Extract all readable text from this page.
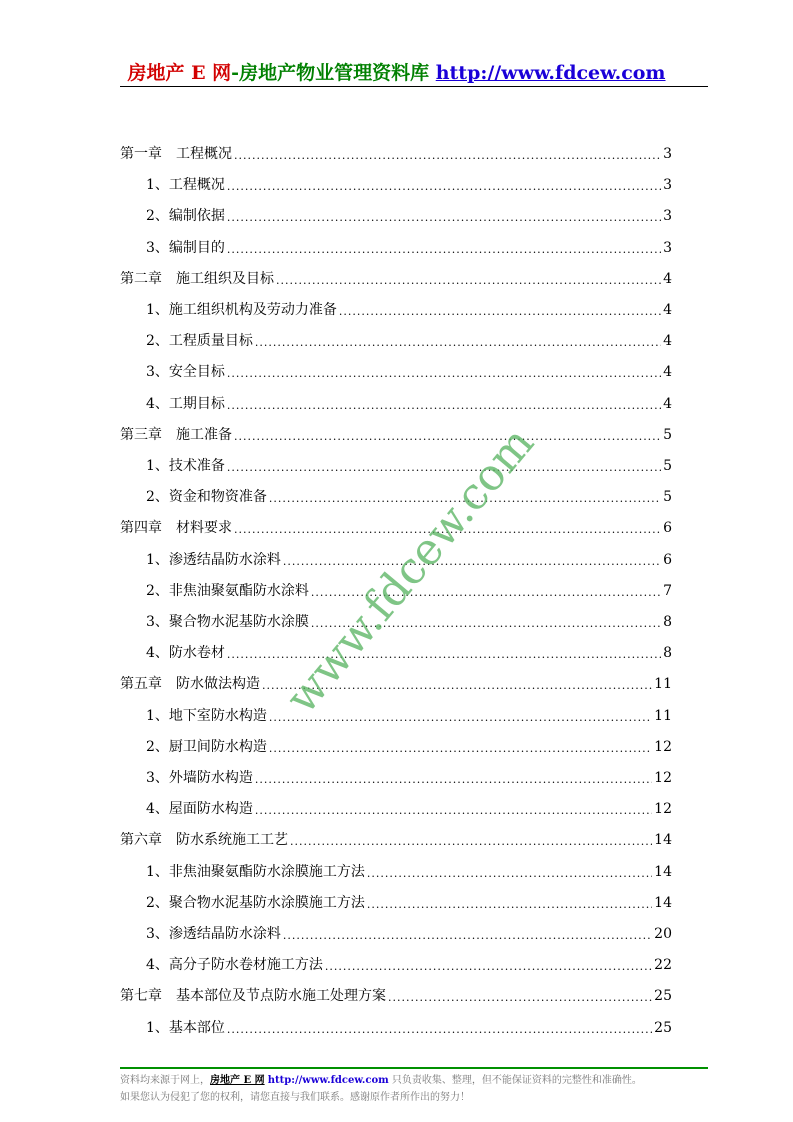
房地产 E 网-房地产物业管理资料库 http://www.fdcew.com
第一章　工程概况 .....	3
1、工程概况 .....	3
2、编制依据 .....	3
3、编制目的 .....	3
第二章　施工组织及目标 .....	4
1、施工组织机构及劳动力准备 .....	4
2、工程质量目标 .....	4
3、安全目标 .....	4
4、工期目标 .....	4
第三章　施工准备 .....	5
1、技术准备 .....	5
2、资金和物资准备 .....	5
第四章　材料要求 .....	6
1、渗透结晶防水涂料 .....	6
2、非焦油聚氨酯防水涂料 .....	7
3、聚合物水泥基防水涂膜 .....	8
4、防水卷材 .....	8
第五章　防水做法构造 .....	11
1、地下室防水构造 .....	11
2、厨卫间防水构造 .....	12
3、外墙防水构造 .....	12
4、屋面防水构造 .....	12
第六章　防水系统施工工艺 .....	14
1、非焦油聚氨酯防水涂膜施工方法 .....	14
2、聚合物水泥基防水涂膜施工方法 .....	14
3、渗透结晶防水涂料 .....	20
4、高分子防水卷材施工方法 .....	22
第七章　基本部位及节点防水施工处理方案 .....	25
1、基本部位 .....	25
www.fdcew.com
资料均来源于网上，房地产 E 网 http://www.fdcew.com 只负责收集、整理，但不能保证资料的完整性和准确性。
如果您认为侵犯了您的权利，请您直接与我们联系。感谢原作者所作出的努力！
